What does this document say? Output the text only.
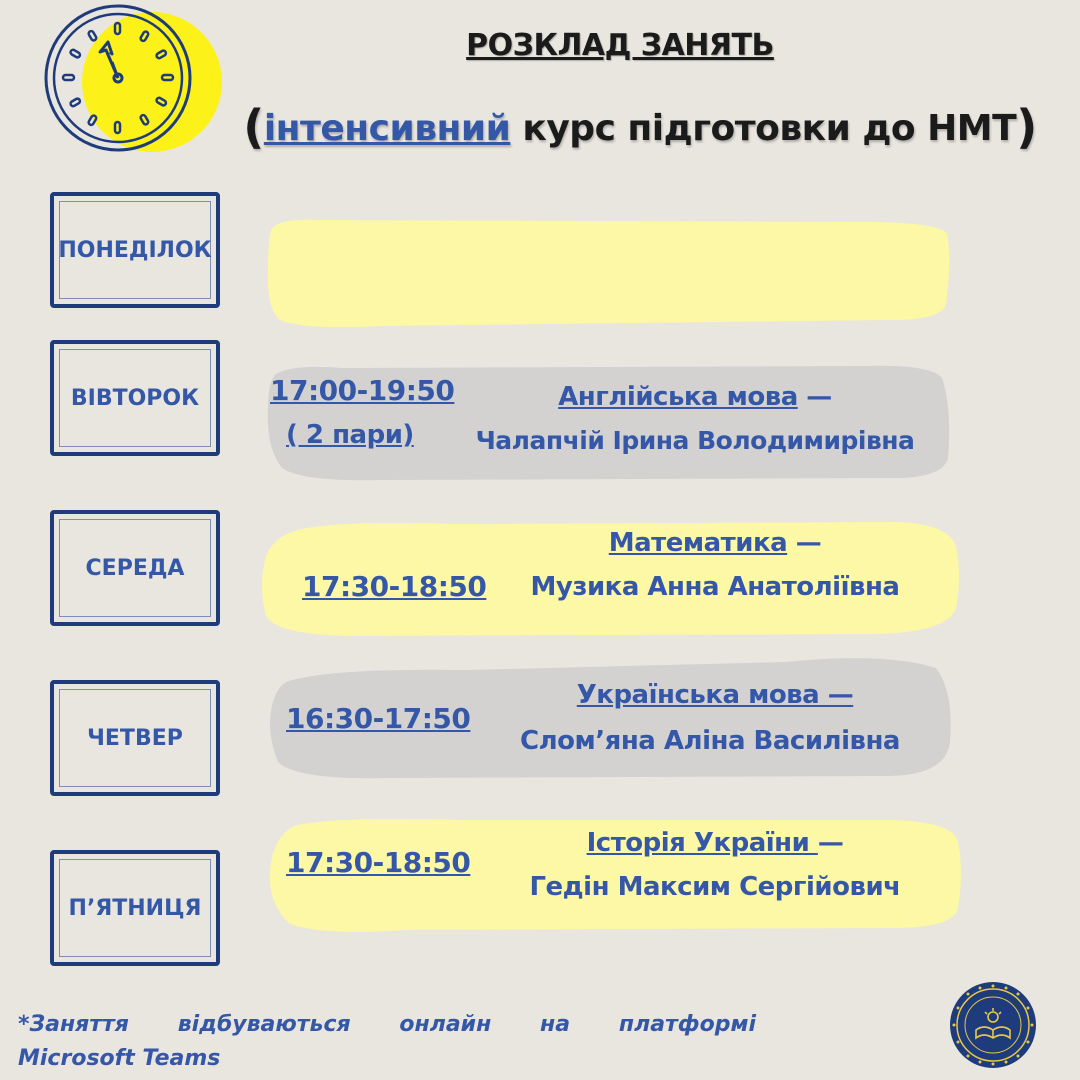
РОЗКЛАД ЗАНЯТЬ
(інтенсивний курс підготовки до НМТ)
ПОНЕДІЛОК
ВІВТОРОК	17:00-19:50
( 2 пари)
Англійська мова —
Чалапчій Ірина Володимирівна
СЕРЕДА
17:30-18:50
Математика —
Музика Анна Анатоліївна
ЧЕТВЕР
16:30-17:50
Українська мова —
Слом’яна Аліна Василівна
П’ЯТНИЦЯ
17:30-18:50
Історія України —
Гедін Максим Сергійович
*Заняття відбуваються онлайн на платформі
Microsoft Teams
